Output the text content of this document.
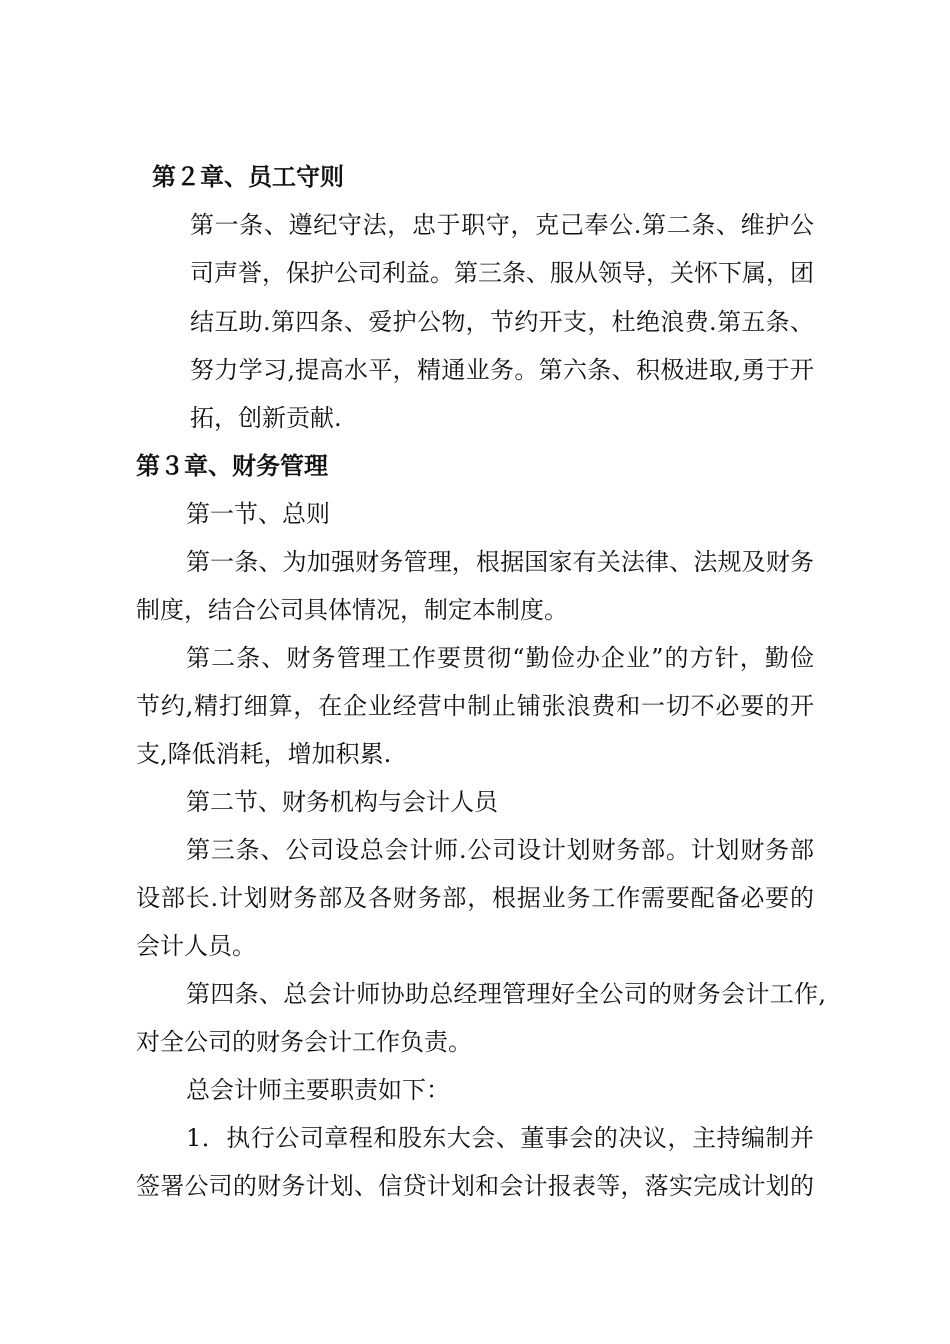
第２章、员工守则
第一条、遵纪守法，忠于职守，克己奉公.第二条、维护公
司声誉，保护公司利益。第三条、服从领导，关怀下属，团
结互助.第四条、爱护公物，节约开支，杜绝浪费.第五条、
努力学习,提高水平，精通业务。第六条、积极进取,勇于开
拓，创新贡献.
第３章、财务管理
第一节、总则
第一条、为加强财务管理，根据国家有关法律、法规及财务
制度，结合公司具体情况，制定本制度。
第二条、财务管理工作要贯彻“勤俭办企业”的方针，勤俭
节约,精打细算，在企业经营中制止铺张浪费和一切不必要的开
支,降低消耗，增加积累.
第二节、财务机构与会计人员
第三条、公司设总会计师.公司设计划财务部。计划财务部
设部长.计划财务部及各财务部，根据业务工作需要配备必要的
会计人员。
第四条、总会计师协助总经理管理好全公司的财务会计工作,
对全公司的财务会计工作负责。
总会计师主要职责如下：
1．执行公司章程和股东大会、董事会的决议，主持编制并
签署公司的财务计划、信贷计划和会计报表等，落实完成计划的
